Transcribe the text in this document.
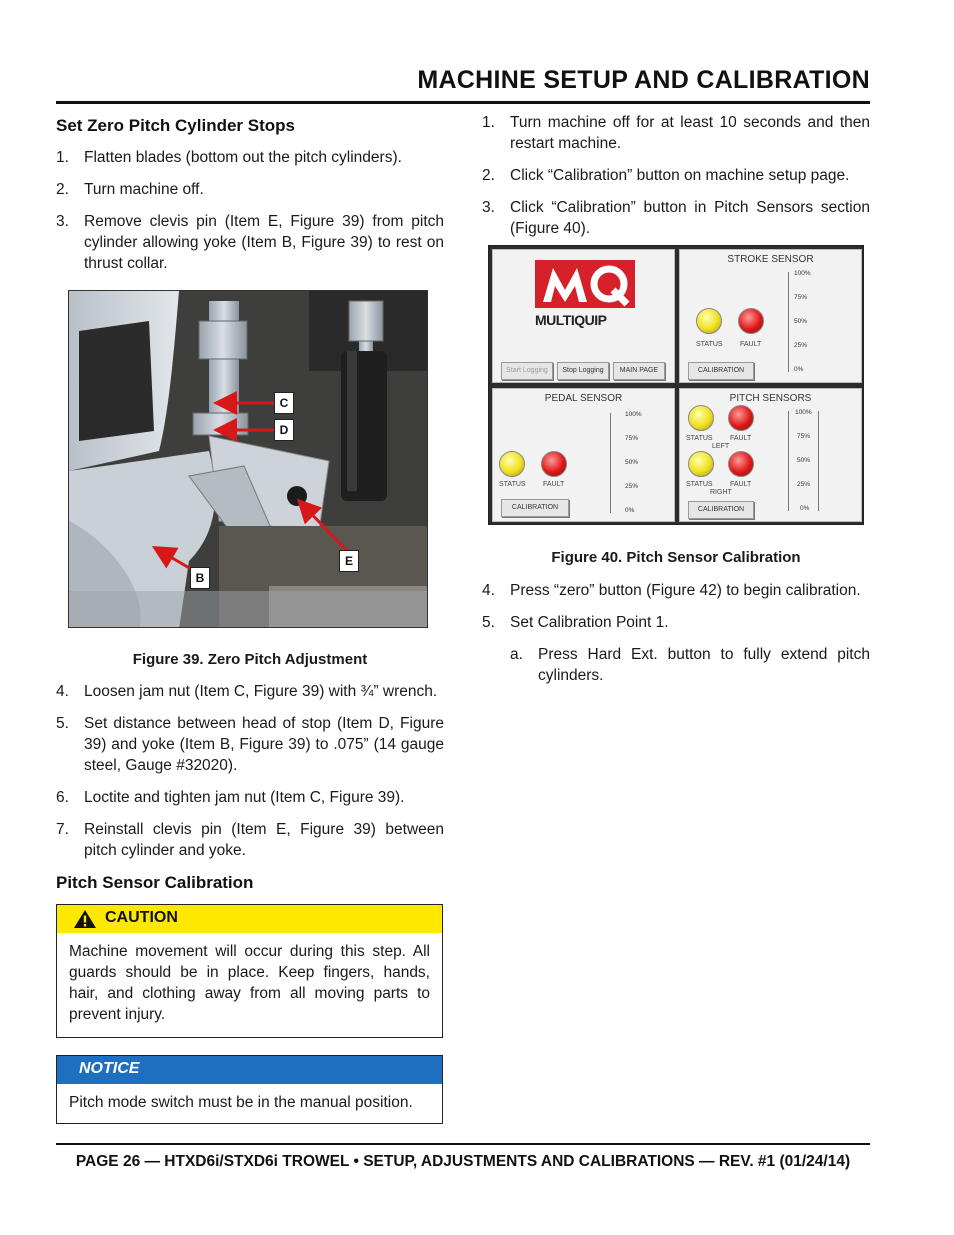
MACHINE SETUP AND CALIBRATION
Set Zero Pitch Cylinder Stops
1. Flatten blades (bottom out the pitch cylinders).
2. Turn machine off.
3. Remove clevis pin (Item E, Figure 39) from pitch cylinder allowing yoke (Item B, Figure 39) to rest on thrust collar.
C
D
E
B
Figure 39. Zero Pitch Adjustment
4. Loosen jam nut (Item C, Figure 39) with ¾” wrench.
5. Set distance between head of stop (Item D, Figure 39) and yoke (Item B, Figure 39) to .075” (14 gauge steel, Gauge #32020).
6. Loctite and tighten jam nut (Item C, Figure 39).
7. Reinstall clevis pin (Item E, Figure 39) between pitch cylinder and yoke.
Pitch Sensor Calibration
CAUTION
Machine movement will occur during this step. All guards should be in place. Keep fingers, hands, hair, and clothing away from all moving parts to prevent injury.
NOTICE
Pitch mode switch must be in the manual position.
1. Turn machine off for at least 10 seconds and then restart machine.
2. Click “Calibration” button on machine setup page.
3. Click “Calibration” button in Pitch Sensors section (Figure 40).
MULTIQUIP
Start Logging	Stop Logging	MAIN PAGE
STROKE SENSOR
STATUS FAULT
100%
75%
50%
25%
0%
CALIBRATION
PEDAL SENSOR
STATUS FAULT
100%
75%
50%
25%
0%
CALIBRATION
PITCH SENSORS
STATUS FAULT
LEFT
STATUS FAULT
RIGHT
100%
75%
50%
25%
0%
CALIBRATION
Figure 40. Pitch Sensor Calibration
4. Press “zero” button (Figure 42) to begin calibration.
5. Set Calibration Point 1.
a. Press Hard Ext. button to fully extend pitch cylinders.
PAGE 26 — HTXD6i/STXD6i TROWEL • SETUP, ADJUSTMENTS AND CALIBRATIONS — REV. #1 (01/24/14)
